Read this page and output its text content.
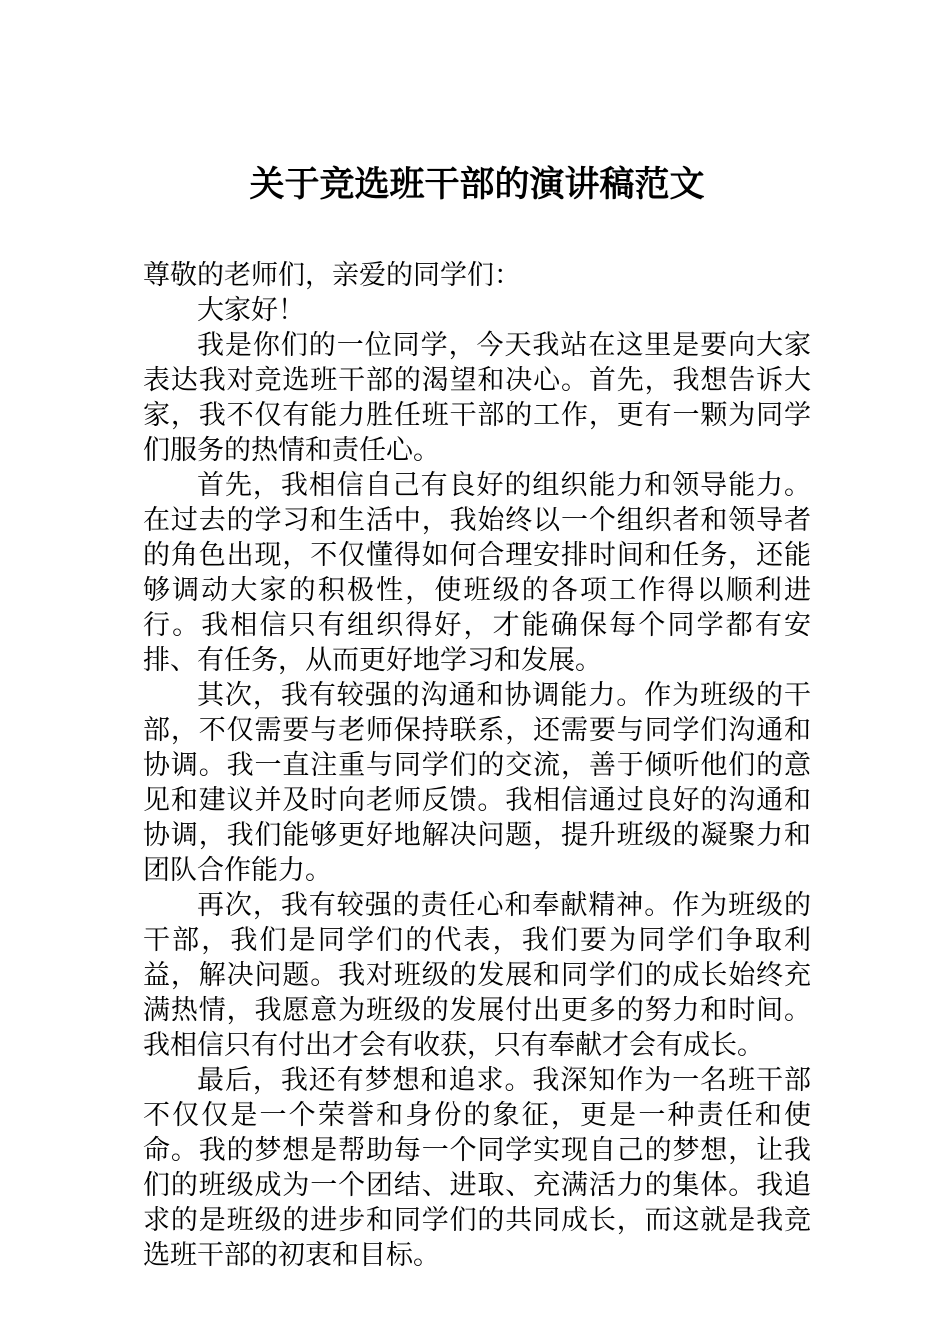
关于竞选班干部的演讲稿范文

尊敬的老师们，亲爱的同学们：

大家好！

我是你们的一位同学，今天我站在这里是要向大家表达我对竞选班干部的渴望和决心。首先，我想告诉大家，我不仅有能力胜任班干部的工作，更有一颗为同学们服务的热情和责任心。

首先，我相信自己有良好的组织能力和领导能力。在过去的学习和生活中，我始终以一个组织者和领导者的角色出现，不仅懂得如何合理安排时间和任务，还能够调动大家的积极性，使班级的各项工作得以顺利进行。我相信只有组织得好，才能确保每个同学都有安排、有任务，从而更好地学习和发展。

其次，我有较强的沟通和协调能力。作为班级的干部，不仅需要与老师保持联系，还需要与同学们沟通和协调。我一直注重与同学们的交流，善于倾听他们的意见和建议并及时向老师反馈。我相信通过良好的沟通和协调，我们能够更好地解决问题，提升班级的凝聚力和团队合作能力。

再次，我有较强的责任心和奉献精神。作为班级的干部，我们是同学们的代表，我们要为同学们争取利益，解决问题。我对班级的发展和同学们的成长始终充满热情，我愿意为班级的发展付出更多的努力和时间。我相信只有付出才会有收获，只有奉献才会有成长。

最后，我还有梦想和追求。我深知作为一名班干部不仅仅是一个荣誉和身份的象征，更是一种责任和使命。我的梦想是帮助每一个同学实现自己的梦想，让我们的班级成为一个团结、进取、充满活力的集体。我追求的是班级的进步和同学们的共同成长，而这就是我竞选班干部的初衷和目标。
